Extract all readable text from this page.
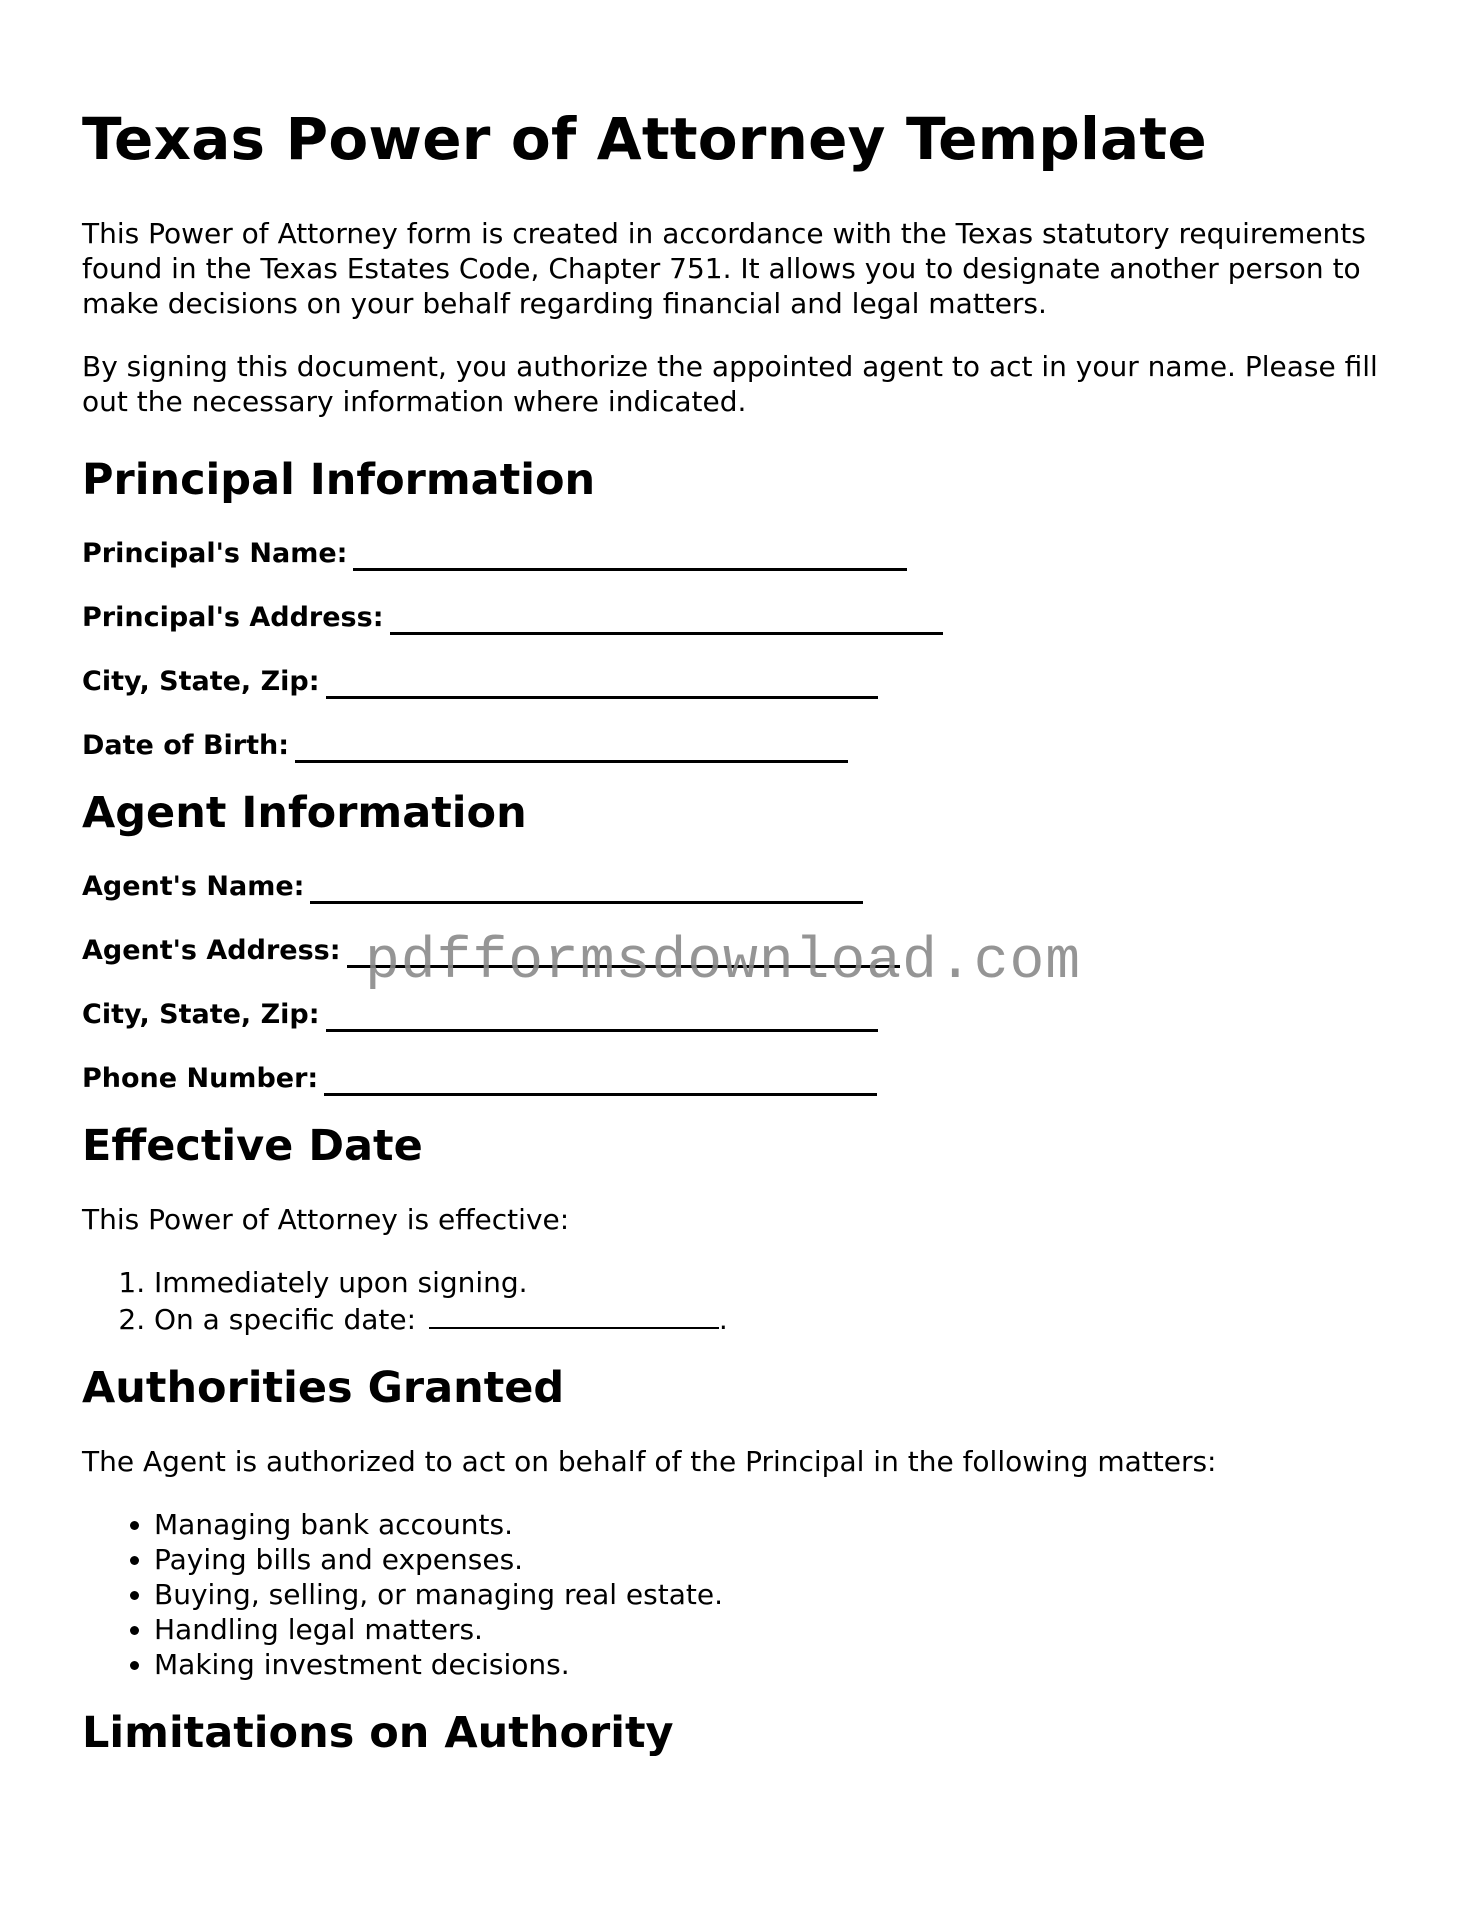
Texas Power of Attorney Template

This Power of Attorney form is created in accordance with the Texas statutory requirements found in the Texas Estates Code, Chapter 751. It allows you to designate another person to make decisions on your behalf regarding financial and legal matters.

By signing this document, you authorize the appointed agent to act in your name. Please fill out the necessary information where indicated.

Principal Information
Principal's Name:
Principal's Address:
City, State, Zip:
Date of Birth:
Agent Information
Agent's Name:
Agent's Address:
City, State, Zip:
Phone Number:
Effective Date

This Power of Attorney is effective:

1. Immediately upon signing.
2. On a specific date:	.
Authorities Granted

The Agent is authorized to act on behalf of the Principal in the following matters:

• Managing bank accounts.
• Paying bills and expenses.
• Buying, selling, or managing real estate.
• Handling legal matters.
• Making investment decisions.
Limitations on Authority
pdfformsdownload.com
